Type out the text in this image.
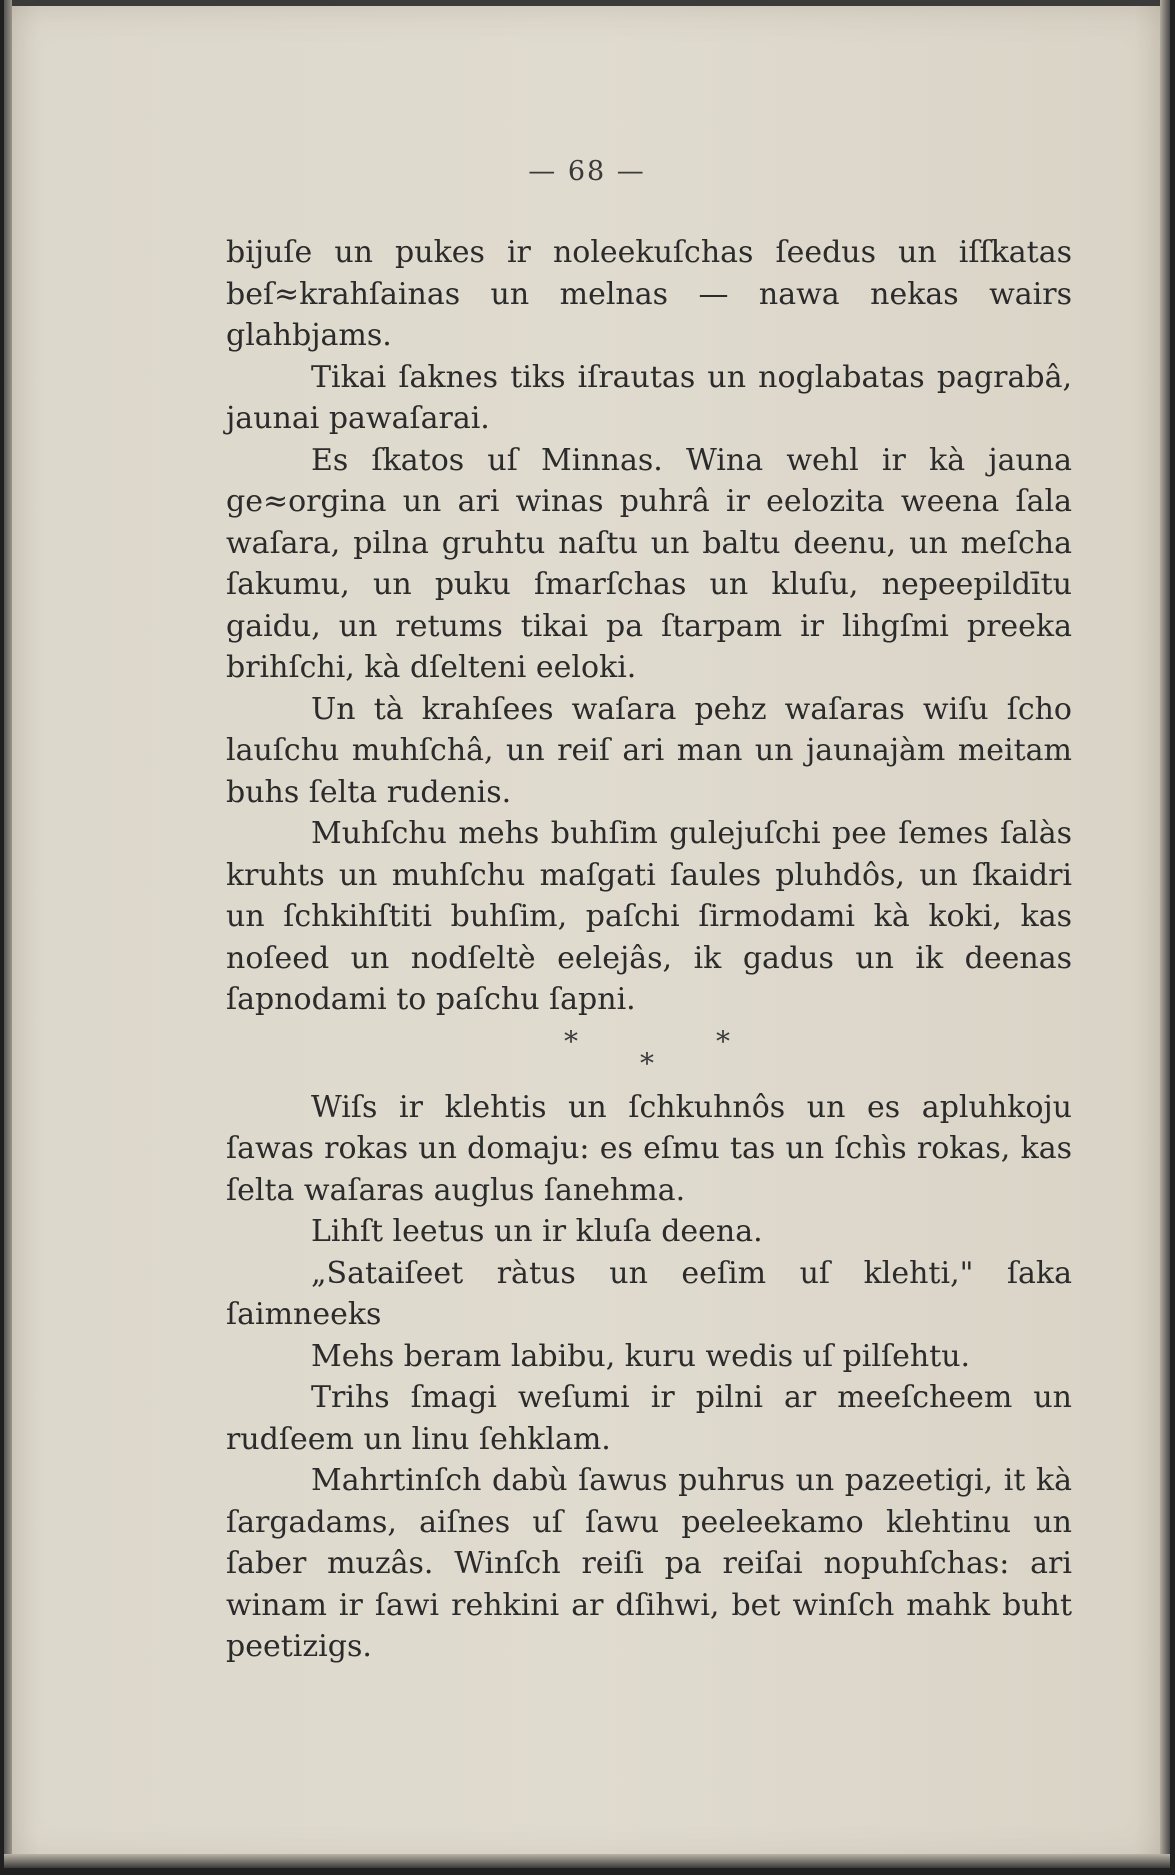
— 68 —

bijuſe un pukes ir noleekuſchas ſeedus un iſſkatas beſ≈krahſainas un melnas — nawa nekas wairs glahbjams.

Tikai ſaknes tiks iſrautas un noglabatas pagrabâ, jaunai pawaſarai.

Es ſkatos uſ Minnas. Wina wehl ir kà jauna ge≈orgina un ari winas puhrâ ir eelozita weena ſala waſara, pilna gruhtu naſtu un baltu deenu, un meſcha ſakumu, un puku ſmarſchas un kluſu, nepeepildītu gaidu, un retums tikai pa ſtarpam ir lihgſmi preeka brihſchi, kà dſelteni eeloki.

Un tà krahſees waſara pehz waſaras wiſu ſcho lauſchu muhſchâ, un reiſ ari man un jaunajàm meitam buhs ſelta rudenis.

Muhſchu mehs buhſim gulejuſchi pee ſemes ſalàs kruhts un muhſchu maſgati ſaules pluhdôs, un ſkaidri un ſchkihſtiti buhſim, paſchi ſirmodami kà koki, kas noſeed un nodſeltè eelejâs, ik gadus un ik deenas ſapnodami to paſchu ſapni.

*	*
*

Wiſs ir klehtis un ſchkuhnôs un es apluhkoju ſawas rokas un domaju: es eſmu tas un ſchìs rokas, kas ſelta waſaras auglus ſanehma.

Lihſt leetus un ir kluſa deena.

„Sataiſeet ràtus un eeſim uſ klehti," ſaka ſaimneeks

Mehs beram labibu, kuru wedis uſ pilſehtu.

Trihs ſmagi weſumi ir pilni ar meeſcheem un rudſeem un linu ſehklam.

Mahrtinſch dabù ſawus puhrus un pazeetigi, it kà ſargadams, aiſnes uſ ſawu peeleekamo klehtinu un ſaber muzâs. Winſch reiſi pa reiſai nopuhſchas: ari winam ir ſawi rehkini ar dſihwi, bet winſch mahk buht peetizigs.
